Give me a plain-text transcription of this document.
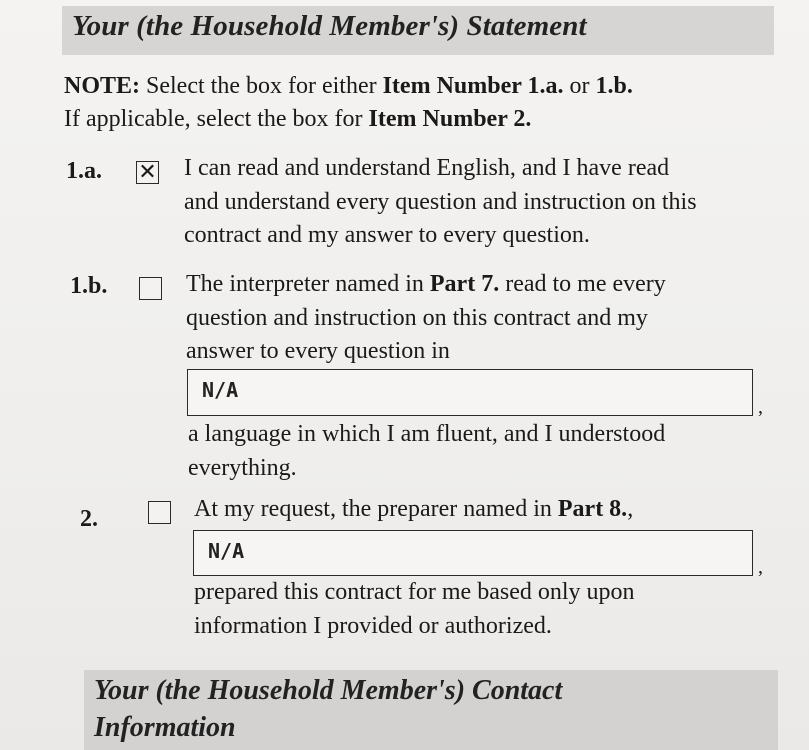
Your (the Household Member's) Statement
NOTE: Select the box for either Item Number 1.a. or 1.b.
If applicable, select the box for Item Number 2.
1.a. ✕ I can read and understand English, and I have read
and understand every question and instruction on this
contract and my answer to every question.
1.b.	The interpreter named in Part 7. read to me every
question and instruction on this contract and my
answer to every question in
N/A
,
a language in which I am fluent, and I understood
everything.
2.	At my request, the preparer named in Part 8.,
N/A
,
prepared this contract for me based only upon
information I provided or authorized.
Your (the Household Member's) Contact
Information
